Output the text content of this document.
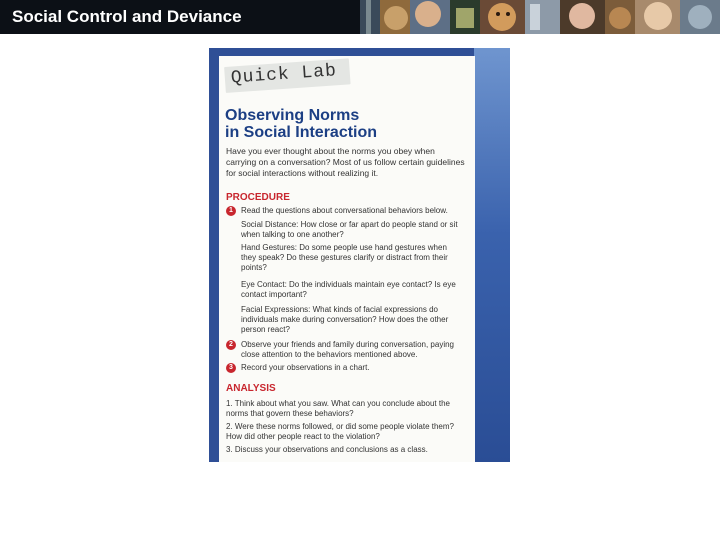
Social Control and Deviance
Quick Lab
Observing Norms
in Social Interaction
Have you ever thought about the norms you obey when carrying on a conversation? Most of us follow certain guidelines for social interactions without realizing it.
PROCEDURE
1	Read the questions about conversational behaviors below.
Social Distance: How close or far apart do people stand or sit when talking to one another?
Hand Gestures: Do some people use hand gestures when they speak? Do these gestures clarify or distract from their points?
Eye Contact: Do the individuals maintain eye contact? Is eye contact important?
Facial Expressions: What kinds of facial expressions do individuals make during conversation? How does the other person react?
2	Observe your friends and family during conversation, paying close attention to the behaviors mentioned above.
3	Record your observations in a chart.
ANALYSIS
1. Think about what you saw. What can you conclude about the norms that govern these behaviors?
2. Were these norms followed, or did some people violate them? How did other people react to the violation?
3. Discuss your observations and conclusions as a class.
